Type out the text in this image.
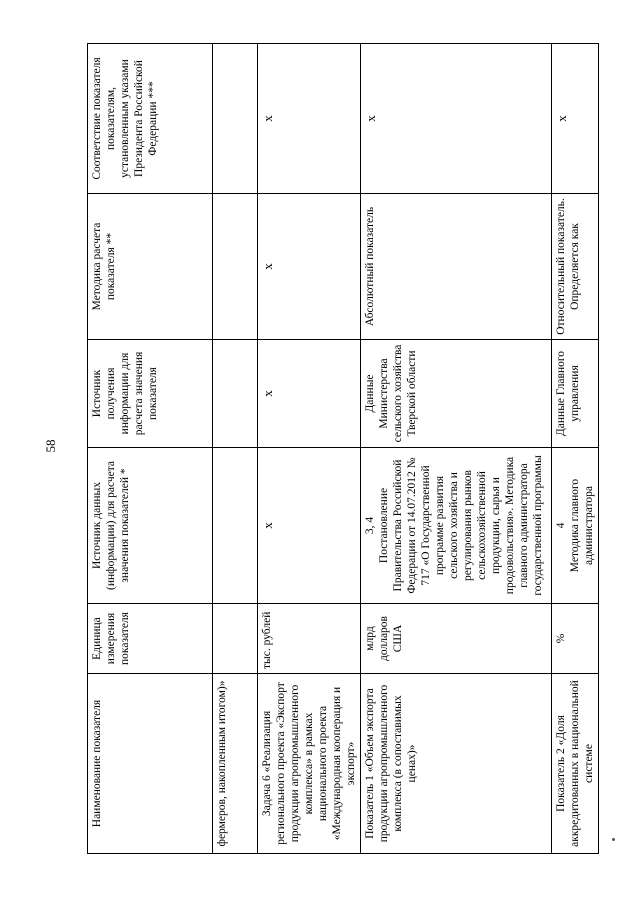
58
Наименование показателя	Единица измерения показателя	Источник данных (информации) для расчета значения показателей *	Источник получения информации для расчета значения показателя	Методика расчета показателя **	Соответствие показателя показателям, установленным указами Президента Российской Федерации ***
фермеров, накопленным итогом)»					
Задача 6 «Реализация регионального проекта «Экспорт продукции агропромышленного комплекса» в рамках национального проекта «Международная кооперация и экспорт»	тыс. рублей	х	х	х	х
Показатель 1 «Объем экспорта продукции агропромышленного комплекса (в сопоставимых ценах)»	млрд долларов США	3, 4 Постановление Правительства Российской Федерации от 14.07.2012 № 717 «О Государственной программе развития сельского хозяйства и регулирования рынков сельскохозяйственной продукции, сырья и продовольствия». Методика главного администратора государственной программы	Данные Министерства сельского хозяйства Тверской области	Абсолютный показатель	х
Показатель 2 «Доля аккредитованных в национальной системе	%	4 Методика главного администратора	Данные Главного управления	Относительный показатель. Определяется как	х
